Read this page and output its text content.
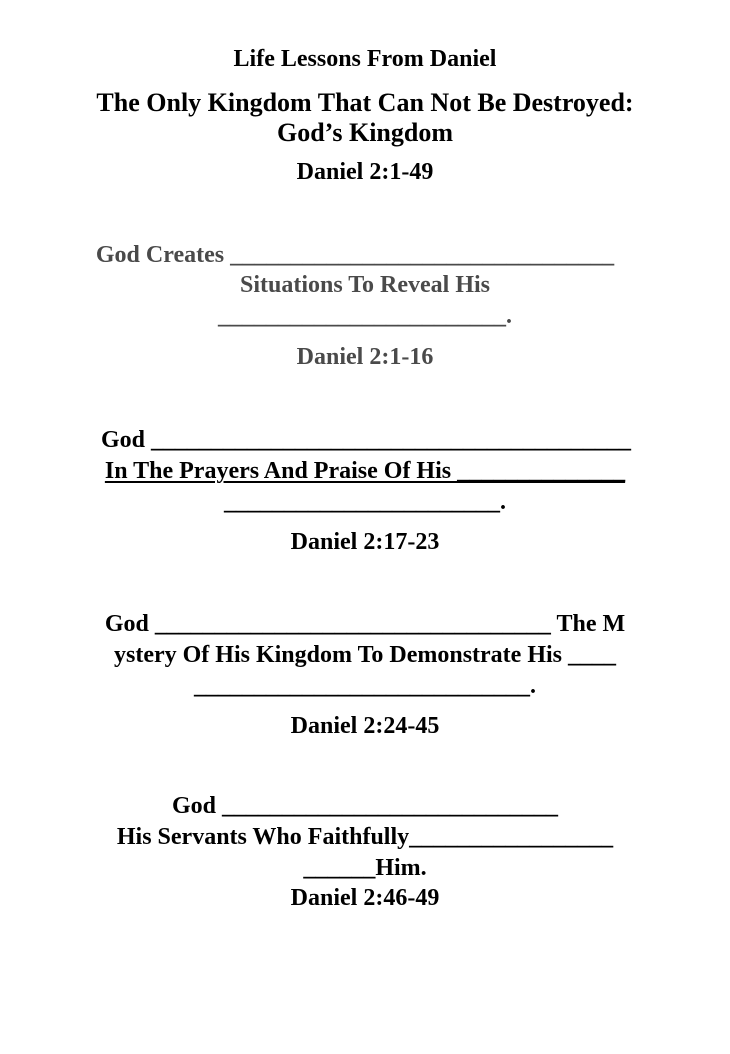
Life Lessons From Daniel
The Only Kingdom That Can Not Be Destroyed:
God’s Kingdom
Daniel 2:1-49
God Creates ________________________________
Situations To Reveal His
________________________.
Daniel 2:1-16
God ________________________________________
In The Prayers And Praise Of His ______________
_______________________.
Daniel 2:17-23
God _________________________________ The M
ystery Of His Kingdom To Demonstrate His ____
____________________________.
Daniel 2:24-45
God ____________________________
His Servants Who Faithfully_________________
______Him.
Daniel 2:46-49
